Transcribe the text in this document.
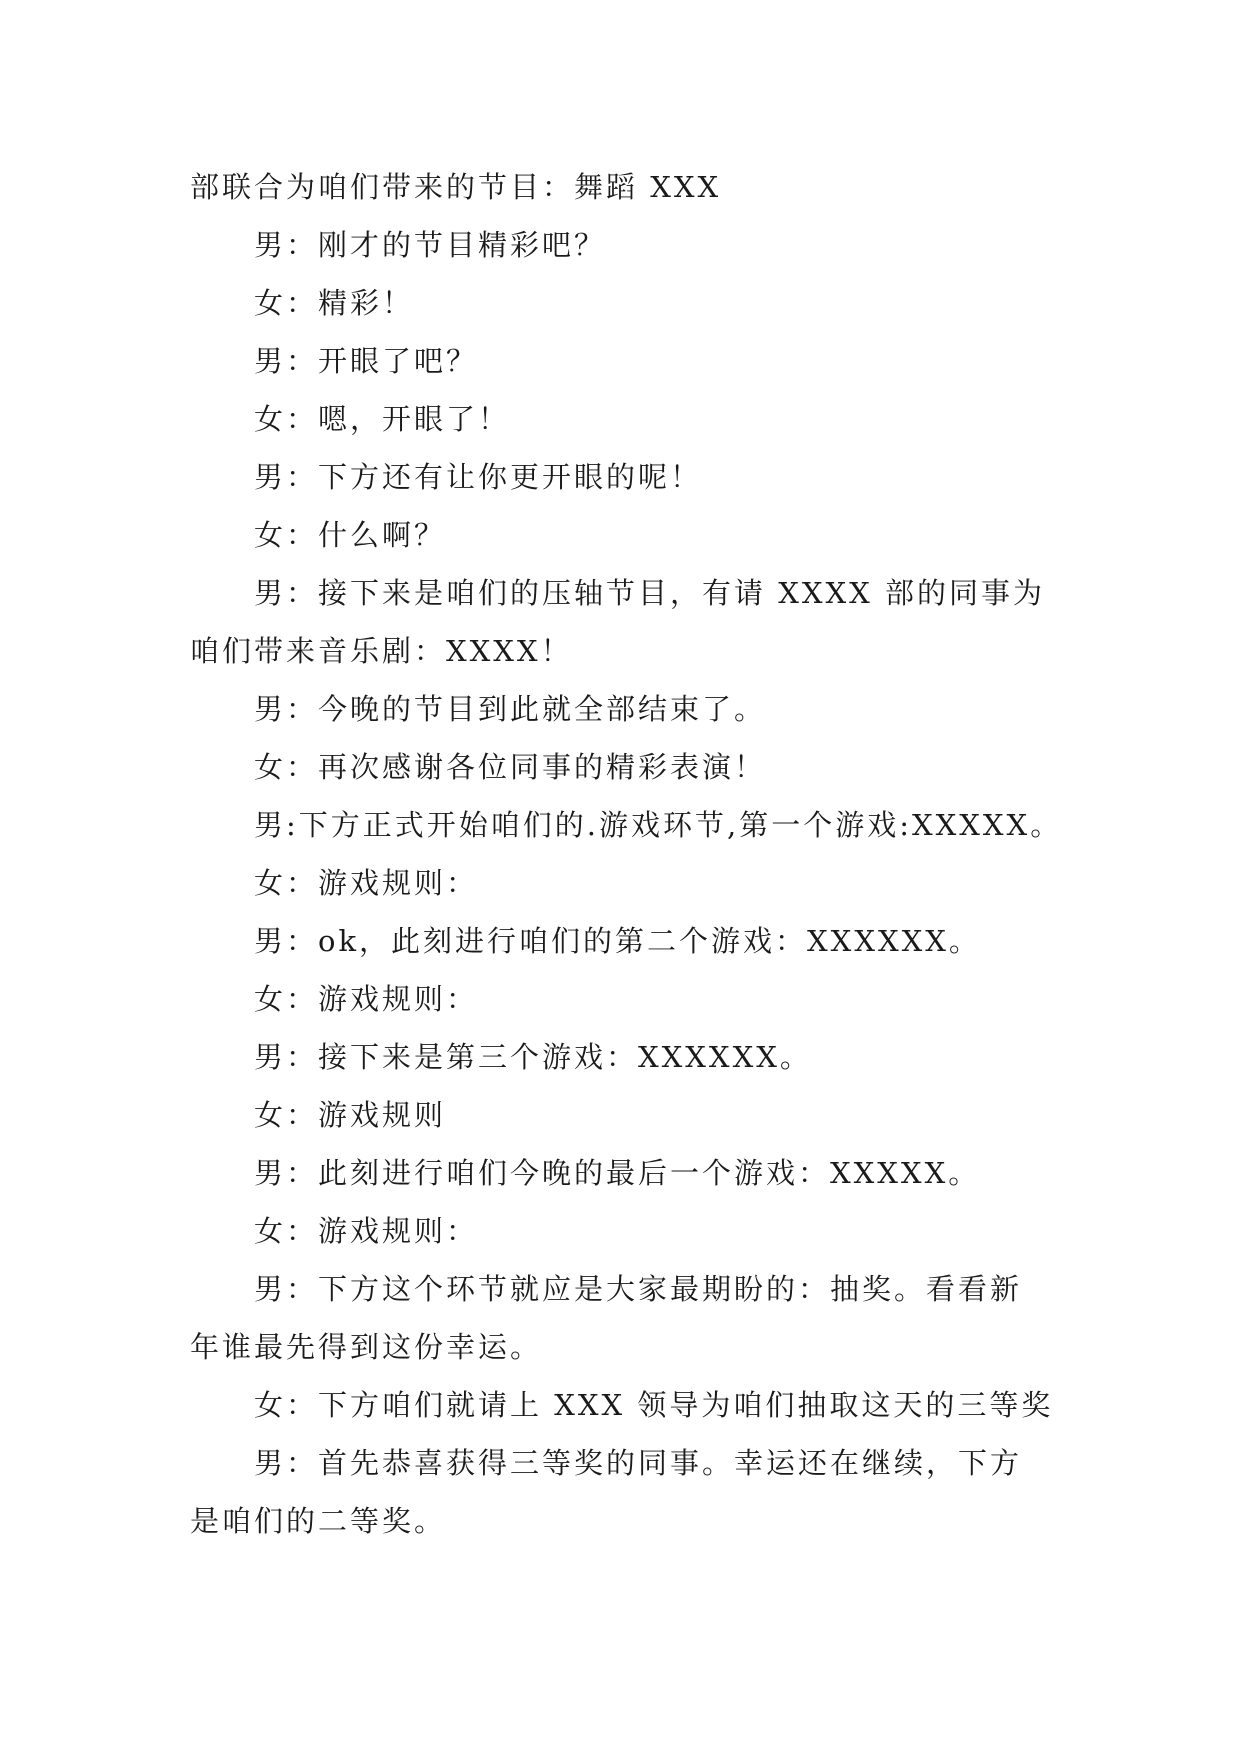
部联合为咱们带来的节目：舞蹈 XXX

男：刚才的节目精彩吧？

女：精彩！

男：开眼了吧？

女：嗯，开眼了！

男：下方还有让你更开眼的呢！

女：什么啊？

男：接下来是咱们的压轴节目，有请 XXXX 部的同事为咱们带来音乐剧：XXXX！

男：今晚的节目到此就全部结束了。

女：再次感谢各位同事的精彩表演！

男:下方正式开始咱们的.游戏环节,第一个游戏:XXXXX。

女：游戏规则：

男：ok，此刻进行咱们的第二个游戏：XXXXXX。

女：游戏规则：

男：接下来是第三个游戏：XXXXXX。

女：游戏规则

男：此刻进行咱们今晚的最后一个游戏：XXXXX。

女：游戏规则：

男：下方这个环节就应是大家最期盼的：抽奖。看看新年谁最先得到这份幸运。

女：下方咱们就请上 XXX 领导为咱们抽取这天的三等奖

男：首先恭喜获得三等奖的同事。幸运还在继续，下方是咱们的二等奖。
